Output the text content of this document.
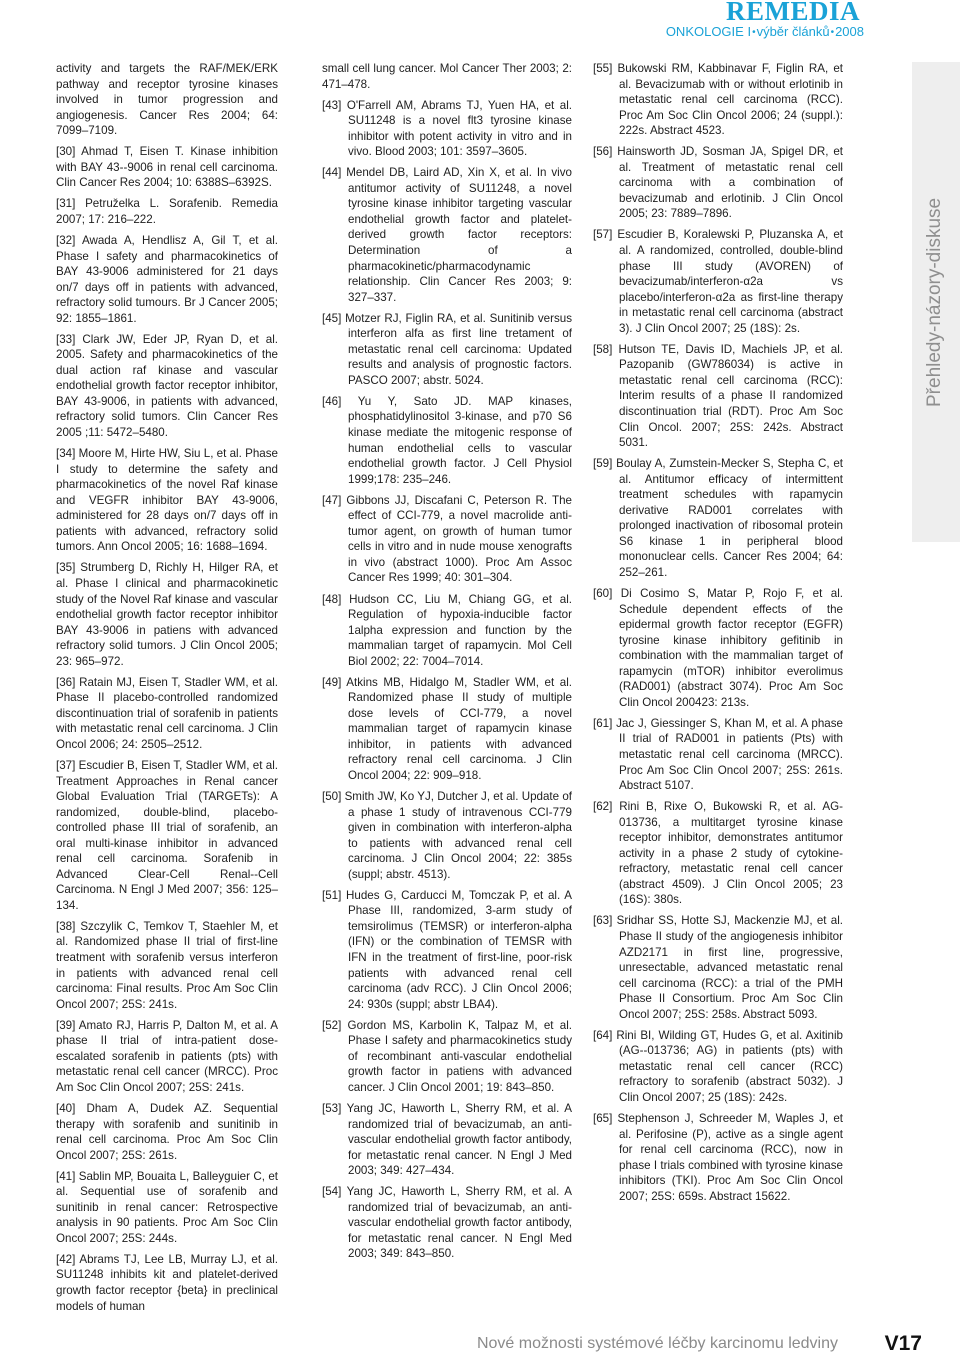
REMEDIA
ONKOLOGIE I•výběr článků•2008
Přehledy-názory-diskuse

activity and targets the RAF/MEK/ERK pathway and receptor tyrosine kinases involved in tumor progression and angiogenesis. Cancer Res 2004; 64: 7099–7109.

[30] Ahmad T, Eisen T. Kinase inhibition with BAY 43--9006 in renal cell carcinoma. Clin Cancer Res 2004; 10: 6388S–6392S.

[31] Petruželka L. Sorafenib. Remedia 2007; 17: 216–222.

[32] Awada A, Hendlisz A, Gil T, et al. Phase I safety and pharmacokinetics of BAY 43-9006 administered for 21 days on/7 days off in patients with advanced, refractory solid tumours. Br J Cancer 2005; 92: 1855–1861.

[33] Clark JW, Eder JP, Ryan D, et al. 2005. Safety and pharmacokinetics of the dual action raf kinase and vascular endothelial growth factor receptor inhibitor, BAY 43-9006, in patients with advanced, refractory solid tumors. Clin Cancer Res 2005 ;11: 5472–5480.

[34] Moore M, Hirte HW, Siu L, et al. Phase I study to determine the safety and pharmacokinetics of the novel Raf kinase and VEGFR inhibitor BAY 43-9006, administered for 28 days on/7 days off in patients with advanced, refractory solid tumors. Ann Oncol 2005; 16: 1688–1694.

[35] Strumberg D, Richly H, Hilger RA, et al. Phase I clinical and pharmacokinetic study of the Novel Raf kinase and vascular endothelial growth factor receptor inhibitor BAY 43-9006 in patiens with advanced refractory solid tumors. J Clin Oncol 2005; 23: 965–972.

[36] Ratain MJ, Eisen T, Stadler WM, et al. Phase II placebo-controlled randomized discontinuation trial of sorafenib in patients with metastatic renal cell carcinoma. J Clin Oncol 2006; 24: 2505–2512.

[37] Escudier B, Eisen T, Stadler WM, et al. Treatment Approaches in Renal cancer Global Evaluation Trial (TARGETs): A randomized, double-blind, placebo-controlled phase III trial of sorafenib, an oral multi-kinase inhibitor in advanced renal cell carcinoma. Sorafenib in Advanced Clear-Cell Renal--Cell Carcinoma. N Engl J Med 2007; 356: 125–134.

[38] Szczylik C, Temkov T, Staehler M, et al. Randomized phase II trial of first-line treatment with sorafenib versus interferon in patients with advanced renal cell carcinoma: Final results. Proc Am Soc Clin Oncol 2007; 25S: 241s.

[39] Amato RJ, Harris P, Dalton M, et al. A phase II trial of intra-patient dose-escalated sorafenib in patients (pts) with metastatic renal cell cancer (MRCC). Proc Am Soc Clin Oncol 2007; 25S: 241s.

[40] Dham A, Dudek AZ. Sequential therapy with sorafenib and sunitinib in renal cell carcinoma. Proc Am Soc Clin Oncol 2007; 25S: 261s.

[41] Sablin MP, Bouaita L, Balleyguier C, et al. Sequential use of sorafenib and sunitinib in renal cancer: Retrospective analysis in 90 patients. Proc Am Soc Clin Oncol 2007; 25S: 244s.

[42] Abrams TJ, Lee LB, Murray LJ, et al. SU11248 inhibits kit and platelet-derived growth factor receptor {beta} in preclinical models of human

small cell lung cancer. Mol Cancer Ther 2003; 2: 471–478.

[43] O'Farrell AM, Abrams TJ, Yuen HA, et al. SU11248 is a novel flt3 tyrosine kinase inhibitor with potent activity in vitro and in vivo. Blood 2003; 101: 3597–3605.

[44] Mendel DB, Laird AD, Xin X, et al. In vivo antitumor activity of SU11248, a novel tyrosine kinase inhibitor targeting vascular endothelial growth factor and platelet-derived growth factor receptors: Determination of a pharmacokinetic/pharmacodynamic relationship. Clin Cancer Res 2003; 9: 327–337.

[45] Motzer RJ, Figlin RA, et al. Sunitinib versus interferon alfa as first line tretament of metastatic renal cell carcinoma: Updated results and analysis of prognostic factors. PASCO 2007; abstr. 5024.

[46] Yu Y, Sato JD. MAP kinases, phosphatidylinositol 3-kinase, and p70 S6 kinase mediate the mitogenic response of human endothelial cells to vascular endothelial growth factor. J Cell Physiol 1999;178: 235–246.

[47] Gibbons JJ, Discafani C, Peterson R. The effect of CCI-779, a novel macrolide anti-tumor agent, on growth of human tumor cells in vitro and in nude mouse xenografts in vivo (abstract 1000). Proc Am Assoc Cancer Res 1999; 40: 301–304.

[48] Hudson CC, Liu M, Chiang GG, et al. Regulation of hypoxia-inducible factor 1alpha expression and function by the mammalian target of rapamycin. Mol Cell Biol 2002; 22: 7004–7014.

[49] Atkins MB, Hidalgo M, Stadler WM, et al. Randomized phase II study of multiple dose levels of CCI-779, a novel mammalian target of rapamycin kinase inhibitor, in patients with advanced refractory renal cell carcinoma. J Clin Oncol 2004; 22: 909–918.

[50] Smith JW, Ko YJ, Dutcher J, et al. Update of a phase 1 study of intravenous CCI-779 given in combination with interferon-alpha to patients with advanced renal cell carcinoma. J Clin Oncol 2004; 22: 385s (suppl; abstr. 4513).

[51] Hudes G, Carducci M, Tomczak P, et al. A Phase III, randomized, 3-arm study of temsirolimus (TEMSR) or interferon-alpha (IFN) or the combination of TEMSR with IFN in the treatment of first-line, poor-risk patients with advanced renal cell carcinoma (adv RCC). J Clin Oncol 2006; 24: 930s (suppl; abstr LBA4).

[52] Gordon MS, Karbolin K, Talpaz M, et al. Phase I safety and pharmacokinetics study of recombinant anti-vascular endothelial growth factor in patiens with advanced cancer. J Clin Oncol 2001; 19: 843–850.

[53] Yang JC, Haworth L, Sherry RM, et al. A randomized trial of bevacizumab, an anti-vascular endothelial growth factor antibody, for metastatic renal cancer. N Engl J Med 2003; 349: 427–434.

[54] Yang JC, Haworth L, Sherry RM, et al. A randomized trial of bevacizumab, an anti-vascular endothelial growth factor antibody, for metastatic renal cancer. N Engl Med 2003; 349: 843–850.

[55] Bukowski RM, Kabbinavar F, Figlin RA, et al. Bevacizumab with or without erlotinib in metastatic renal cell carcinoma (RCC). Proc Am Soc Clin Oncol 2006; 24 (suppl.): 222s. Abstract 4523.

[56] Hainsworth JD, Sosman JA, Spigel DR, et al. Treatment of metastatic renal cell carcinoma with a combination of bevacizumab and erlotinib. J Clin Oncol 2005; 23: 7889–7896.

[57] Escudier B, Koralewski P, Pluzanska A, et al. A randomized, controlled, double-blind phase III study (AVOREN) of bevacizumab/interferon-α2a vs placebo/interferon-α2a as first-line therapy in metastatic renal cell carcinoma (abstract 3). J Clin Oncol 2007; 25 (18S): 2s.

[58] Hutson TE, Davis ID, Machiels JP, et al. Pazopanib (GW786034) is active in metastatic renal cell carcinoma (RCC): Interim results of a phase II randomized discontinuation trial (RDT). Proc Am Soc Clin Oncol. 2007; 25S: 242s. Abstract 5031.

[59] Boulay A, Zumstein-Mecker S, Stepha C, et al. Antitumor efficacy of intermittent treatment schedules with rapamycin derivative RAD001 correlates with prolonged inactivation of ribosomal protein S6 kinase 1 in peripheral blood mononuclear cells. Cancer Res 2004; 64: 252–261.

[60] Di Cosimo S, Matar P, Rojo F, et al. Schedule dependent effects of the epidermal growth factor receptor (EGFR) tyrosine kinase inhibitory gefitinib in combination with the mammalian target of rapamycin (mTOR) inhibitor everolimus (RAD001) (abstract 3074). Proc Am Soc Clin Oncol 200423: 213s.

[61] Jac J, Giessinger S, Khan M, et al. A phase II trial of RAD001 in patients (Pts) with metastatic renal cell carcinoma (MRCC). Proc Am Soc Clin Oncol 2007; 25S: 261s. Abstract 5107.

[62] Rini B, Rixe O, Bukowski R, et al. AG-013736, a multitarget tyrosine kinase receptor inhibitor, demonstrates antitumor activity in a phase 2 study of cytokine-refractory, metastatic renal cell cancer (abstract 4509). J Clin Oncol 2005; 23 (16S): 380s.

[63] Sridhar SS, Hotte SJ, Mackenzie MJ, et al. Phase II study of the angiogenesis inhibitor AZD2171 in first line, progressive, unresectable, advanced metastatic renal cell carcinoma (RCC): a trial of the PMH Phase II Consortium. Proc Am Soc Clin Oncol 2007; 25S: 258s. Abstract 5093.

[64] Rini BI, Wilding GT, Hudes G, et al. Axitinib (AG--013736; AG) in patients (pts) with metastatic renal cell cancer (RCC) refractory to sorafenib (abstract 5032). J Clin Oncol 2007; 25 (18S): 242s.

[65] Stephenson J, Schreeder M, Waples J, et al. Perifosine (P), active as a single agent for renal cell carcinoma (RCC), now in phase I trials combined with tyrosine kinase inhibitors (TKI). Proc Am Soc Clin Oncol 2007; 25S: 659s. Abstract 15622.

Nové možnosti systémové léčby karcinomu ledviny V17
